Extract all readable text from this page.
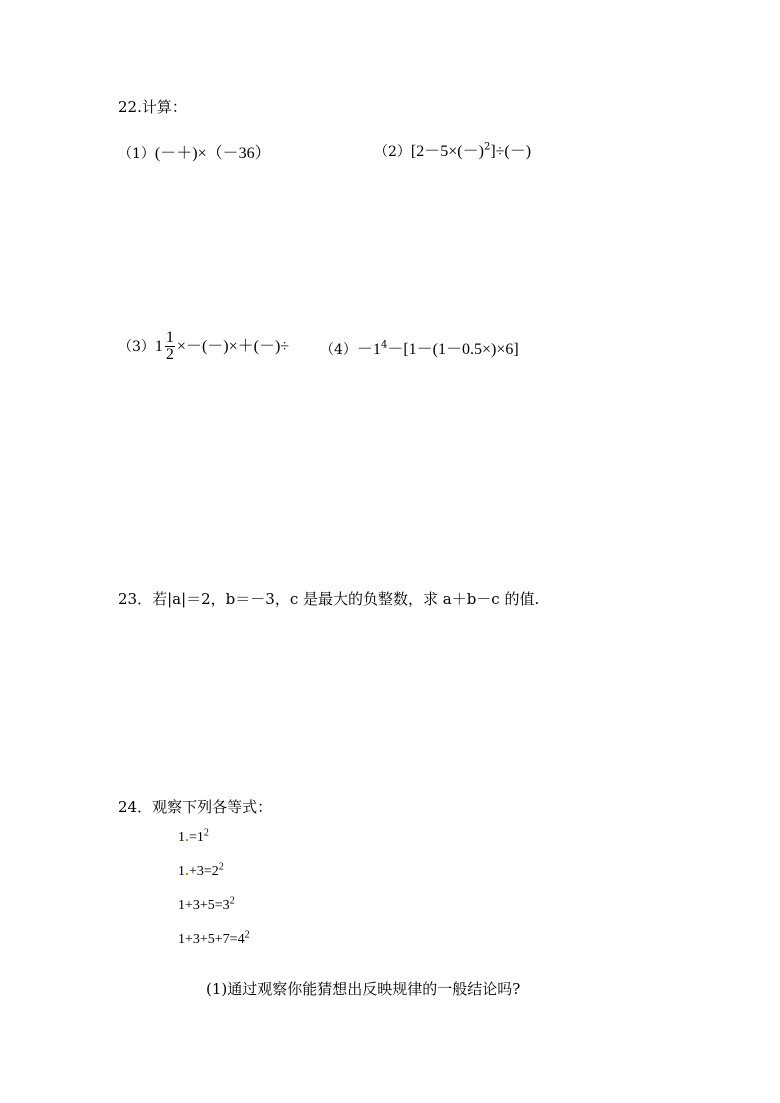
22.计算：
（1）(－＋)×（－36）	$(2)[2-5\times(-)^2]\div(-)$
$(3)1 \frac{1}{2}$ ×－(－)×＋(－)÷ $(4)-1^4-[1-(1-0.5\times)\times 6]$
23．若|a|＝2，b＝－3，c 是最大的负整数，求 a＋b－c 的值.
24．观察下列各等式：
$1 =1^2$
$1 +3=2^2$
$1+3+5=3^2$
$1+3+5+7=4^2$
(1)通过观察你能猜想出反映规律的一般结论吗?
